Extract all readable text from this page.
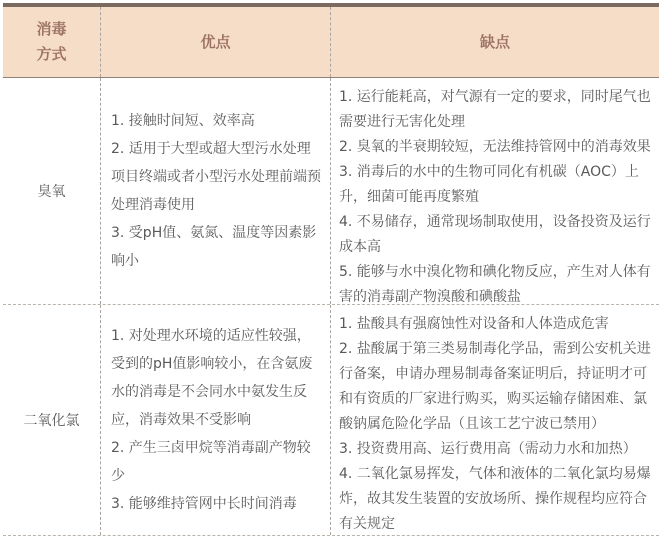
消毒
方式
优点	缺点
臭氧
1. 接触时间短、效率高
2. 适用于大型或超大型污水处理项目终端或者小型污水处理前端预处理消毒使用
3. 受pH值、氨氮、温度等因素影响小
1. 运行能耗高，对气源有一定的要求，同时尾气也需要进行无害化处理
2. 臭氧的半衰期较短，无法维持管网中的消毒效果
3. 消毒后的水中的生物可同化有机碳（AOC）上升，细菌可能再度繁殖
4. 不易储存，通常现场制取使用，设备投资及运行成本高
5. 能够与水中溴化物和碘化物反应，产生对人体有害的消毒副产物溴酸和碘酸盐
二氧化氯
1. 对处理水环境的适应性较强，受到的pH值影响较小，在含氨废水的消毒是不会同水中氨发生反应，消毒效果不受影响
2. 产生三卤甲烷等消毒副产物较少
3. 能够维持管网中长时间消毒
1. 盐酸具有强腐蚀性对设备和人体造成危害
2. 盐酸属于第三类易制毒化学品，需到公安机关进行备案，申请办理易制毒备案证明后，持证明才可和有资质的厂家进行购买，购买运输存储困难、氯酸钠属危险化学品（且该工艺宁波已禁用）
3. 投资费用高、运行费用高（需动力水和加热）
4. 二氧化氯易挥发，气体和液体的二氧化氯均易爆炸，故其发生装置的安放场所、操作规程均应符合有关规定
